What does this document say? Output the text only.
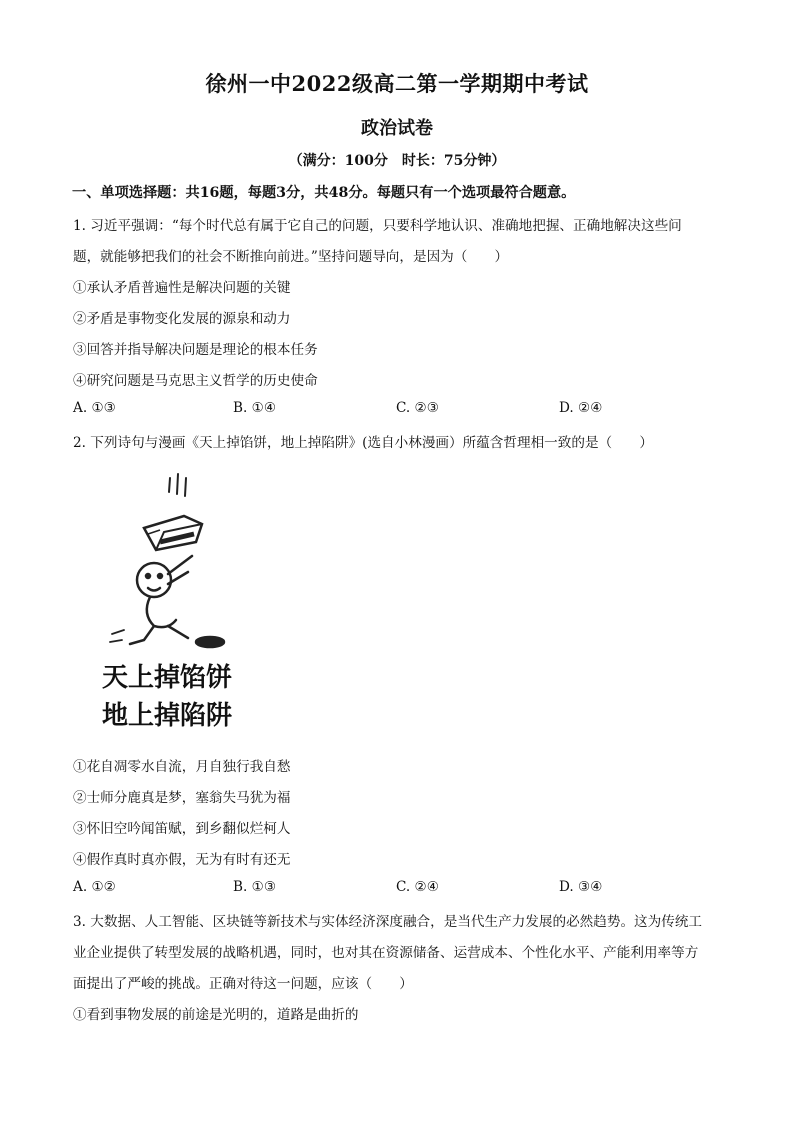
徐州一中2022级高二第一学期期中考试
政治试卷
（满分：100分　时长：75分钟）
一、单项选择题：共16题，每题3分，共48分。每题只有一个选项最符合题意。
1. 习近平强调：“每个时代总有属于它自己的问题，只要科学地认识、准确地把握、正确地解决这些问
题，就能够把我们的社会不断推向前进。”坚持问题导向，是因为（　　）
①承认矛盾普遍性是解决问题的关键
②矛盾是事物变化发展的源泉和动力
③回答并指导解决问题是理论的根本任务
④研究问题是马克思主义哲学的历史使命
A. ①③	B. ①④	C. ②③	D. ②④
2. 下列诗句与漫画《天上掉馅饼，地上掉陷阱》(选自小林漫画）所蕴含哲理相一致的是（　　）
天上掉馅饼
地上掉陷阱
①花自凋零水自流，月自独行我自愁
②士师分鹿真是梦，塞翁失马犹为福
③怀旧空吟闻笛赋，到乡翻似烂柯人
④假作真时真亦假，无为有时有还无
A. ①②	B. ①③	C. ②④	D. ③④
3. 大数据、人工智能、区块链等新技术与实体经济深度融合，是当代生产力发展的必然趋势。这为传统工
业企业提供了转型发展的战略机遇，同时，也对其在资源储备、运营成本、个性化水平、产能利用率等方
面提出了严峻的挑战。正确对待这一问题，应该（　　）
①看到事物发展的前途是光明的，道路是曲折的
